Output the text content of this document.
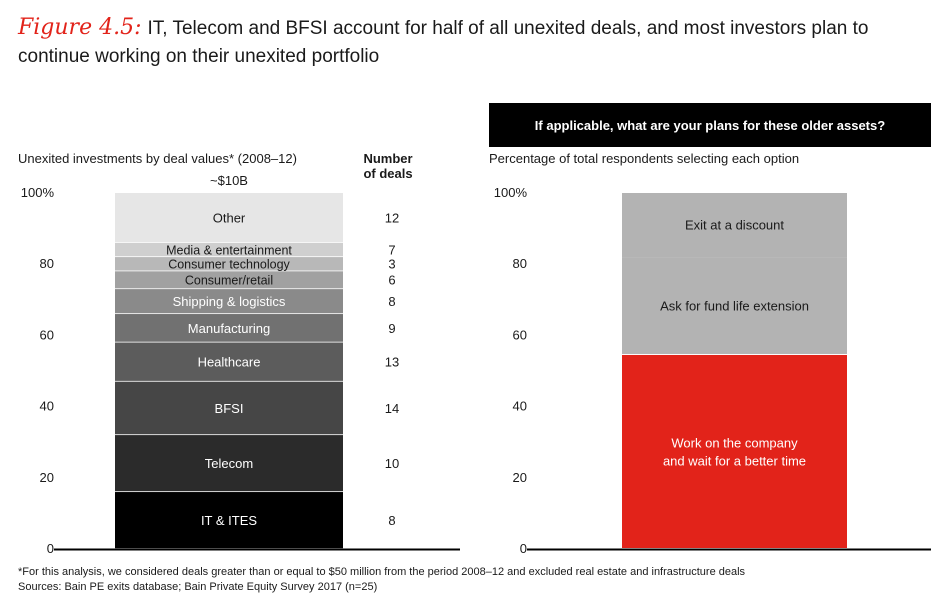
Figure 4.5: IT, Telecom and BFSI account for half of all unexited deals, and most investors plan to continue working on their unexited portfolio
Unexited investments by deal values* (2008–12)	Number
of deals
If applicable, what are your plans for these older assets?
Percentage of total respondents selecting each option
0
20
40
60
80
100%
~$10B
IT & ITES	8
Telecom	10
BFSI	14
Healthcare	13
Manufacturing	9
Shipping & logistics	8
Consumer/retail	6
Consumer technology	3
Media & entertainment	7
Other	12
0
20
40
60
80
100%
Work on the company
and wait for a better time
Ask for fund life extension
Exit at a discount
*For this analysis, we considered deals greater than or equal to $50 million from the period 2008–12 and excluded real estate and infrastructure deals
Sources: Bain PE exits database; Bain Private Equity Survey 2017 (n=25)
